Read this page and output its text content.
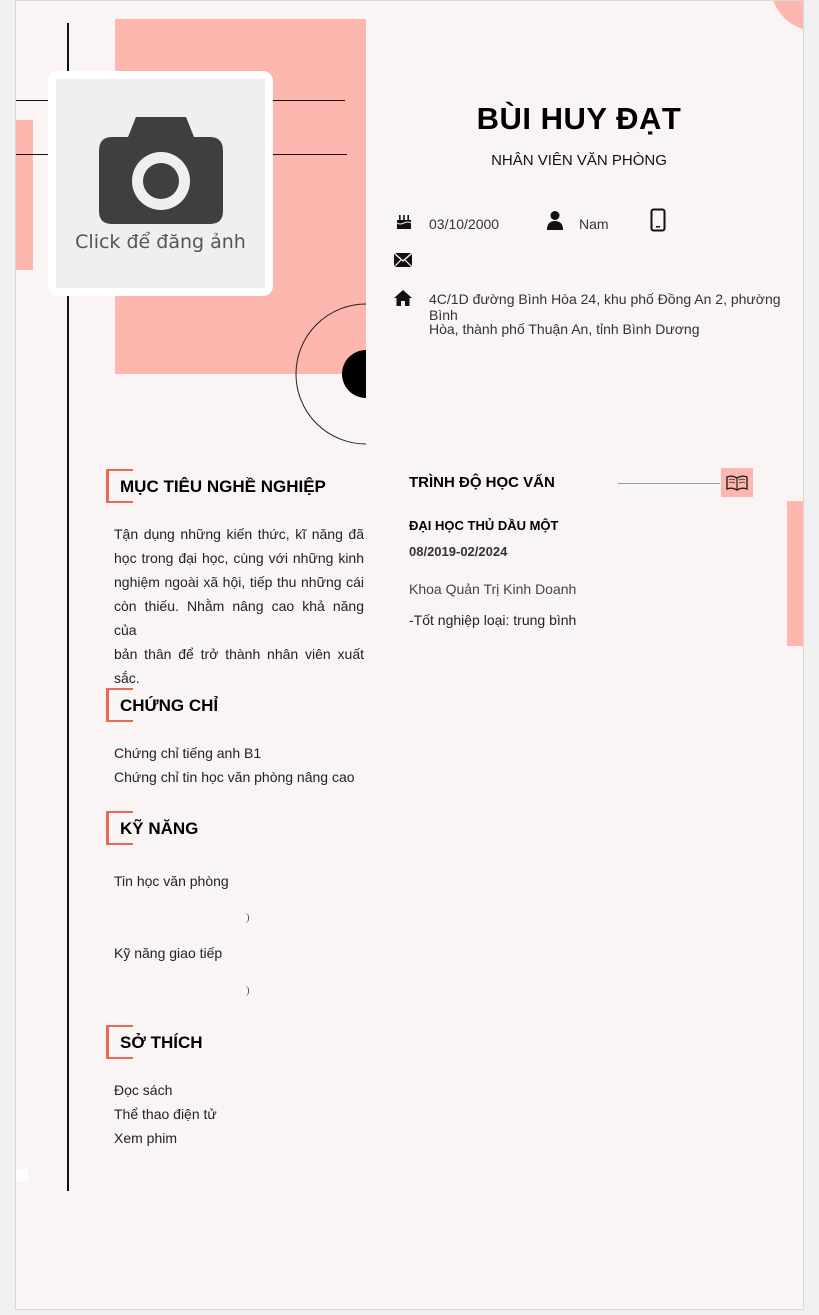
Click để đăng ảnh
BÙI HUY ĐẠT
NHÂN VIÊN VĂN PHÒNG
03/10/2000	Nam
4C/1D đường Bình Hòa 24, khu phố Đồng An 2, phường Bình
Hòa, thành phố Thuận An, tỉnh Bình Dương
MỤC TIÊU NGHỀ NGHIỆP
Tận dụng những kiến thức, kĩ năng đã
học trong đại học, cùng với những kinh
nghiệm ngoài xã hội, tiếp thu những cái
còn thiếu. Nhằm nâng cao khả năng của
bản thân để trở thành nhân viên xuất
sắc.
CHỨNG CHỈ
Chứng chỉ tiếng anh B1
Chứng chỉ tin học văn phòng nâng cao
KỸ NĂNG
Tin học văn phòng
Kỹ năng giao tiếp
SỞ THÍCH
Đọc sách
Thể thao điện tử
Xem phim
TRÌNH ĐỘ HỌC VẤN
ĐẠI HỌC THỦ DẦU MỘT
08/2019-02/2024
Khoa Quản Trị Kinh Doanh
-Tốt nghiệp loại: trung bình
